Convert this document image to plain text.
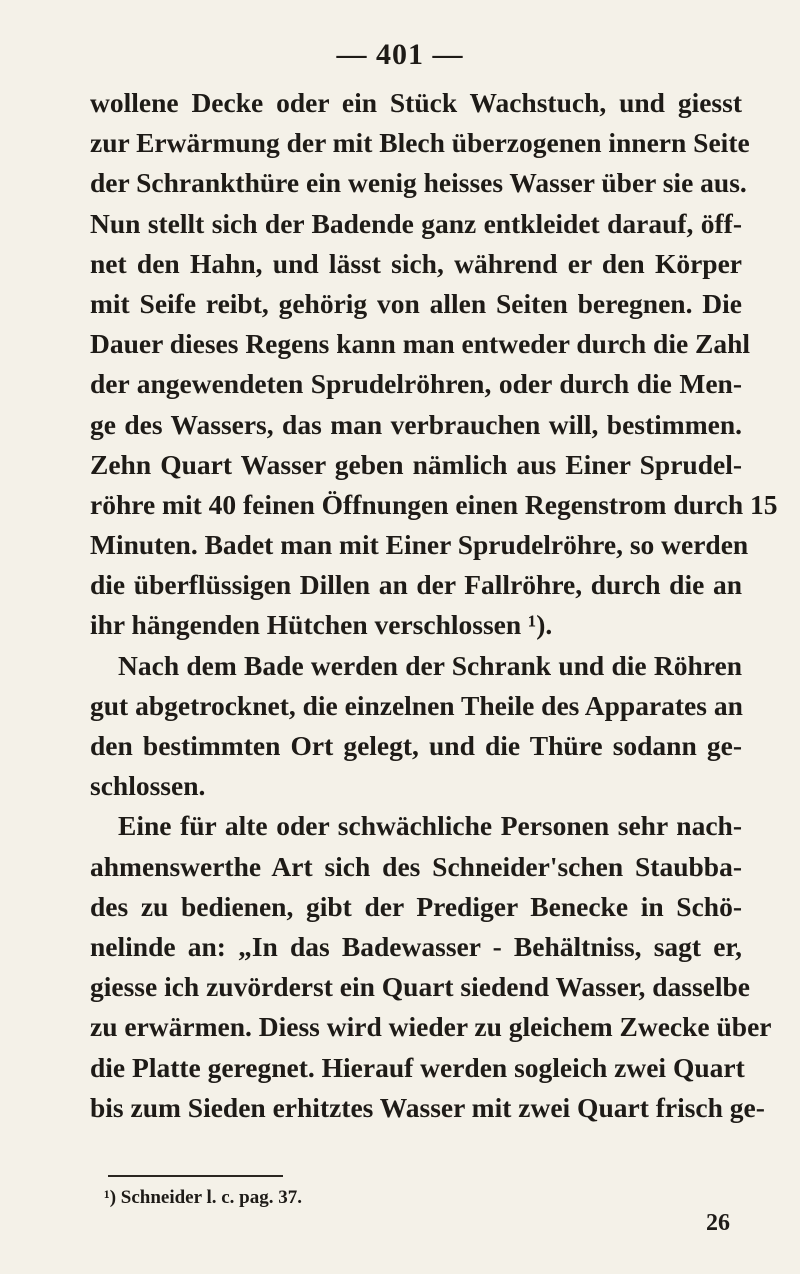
— 401 —
wollene Decke oder ein Stück Wachstuch, und giesst
zur Erwärmung der mit Blech überzogenen innern Seite
der Schrankthüre ein wenig heisses Wasser über sie aus.
Nun stellt sich der Badende ganz entkleidet darauf, öff-
net den Hahn, und lässt sich, während er den Körper
mit Seife reibt, gehörig von allen Seiten beregnen. Die
Dauer dieses Regens kann man entweder durch die Zahl
der angewendeten Sprudelröhren, oder durch die Men-
ge des Wassers, das man verbrauchen will, bestimmen.
Zehn Quart Wasser geben nämlich aus Einer Sprudel-
röhre mit 40 feinen Öffnungen einen Regenstrom durch 15
Minuten. Badet man mit Einer Sprudelröhre, so werden
die überflüssigen Dillen an der Fallröhre, durch die an
ihr hängenden Hütchen verschlossen ¹).
Nach dem Bade werden der Schrank und die Röhren
gut abgetrocknet, die einzelnen Theile des Apparates an
den bestimmten Ort gelegt, und die Thüre sodann ge-
schlossen.
Eine für alte oder schwächliche Personen sehr nach-
ahmenswerthe Art sich des Schneider'schen Staubba-
des zu bedienen, gibt der Prediger Benecke in Schö-
nelinde an: „In das Badewasser - Behältniss, sagt er,
giesse ich zuvörderst ein Quart siedend Wasser, dasselbe
zu erwärmen. Diess wird wieder zu gleichem Zwecke über
die Platte geregnet. Hierauf werden sogleich zwei Quart
bis zum Sieden erhitztes Wasser mit zwei Quart frisch ge-
¹) Schneider l. c. pag. 37.
26
